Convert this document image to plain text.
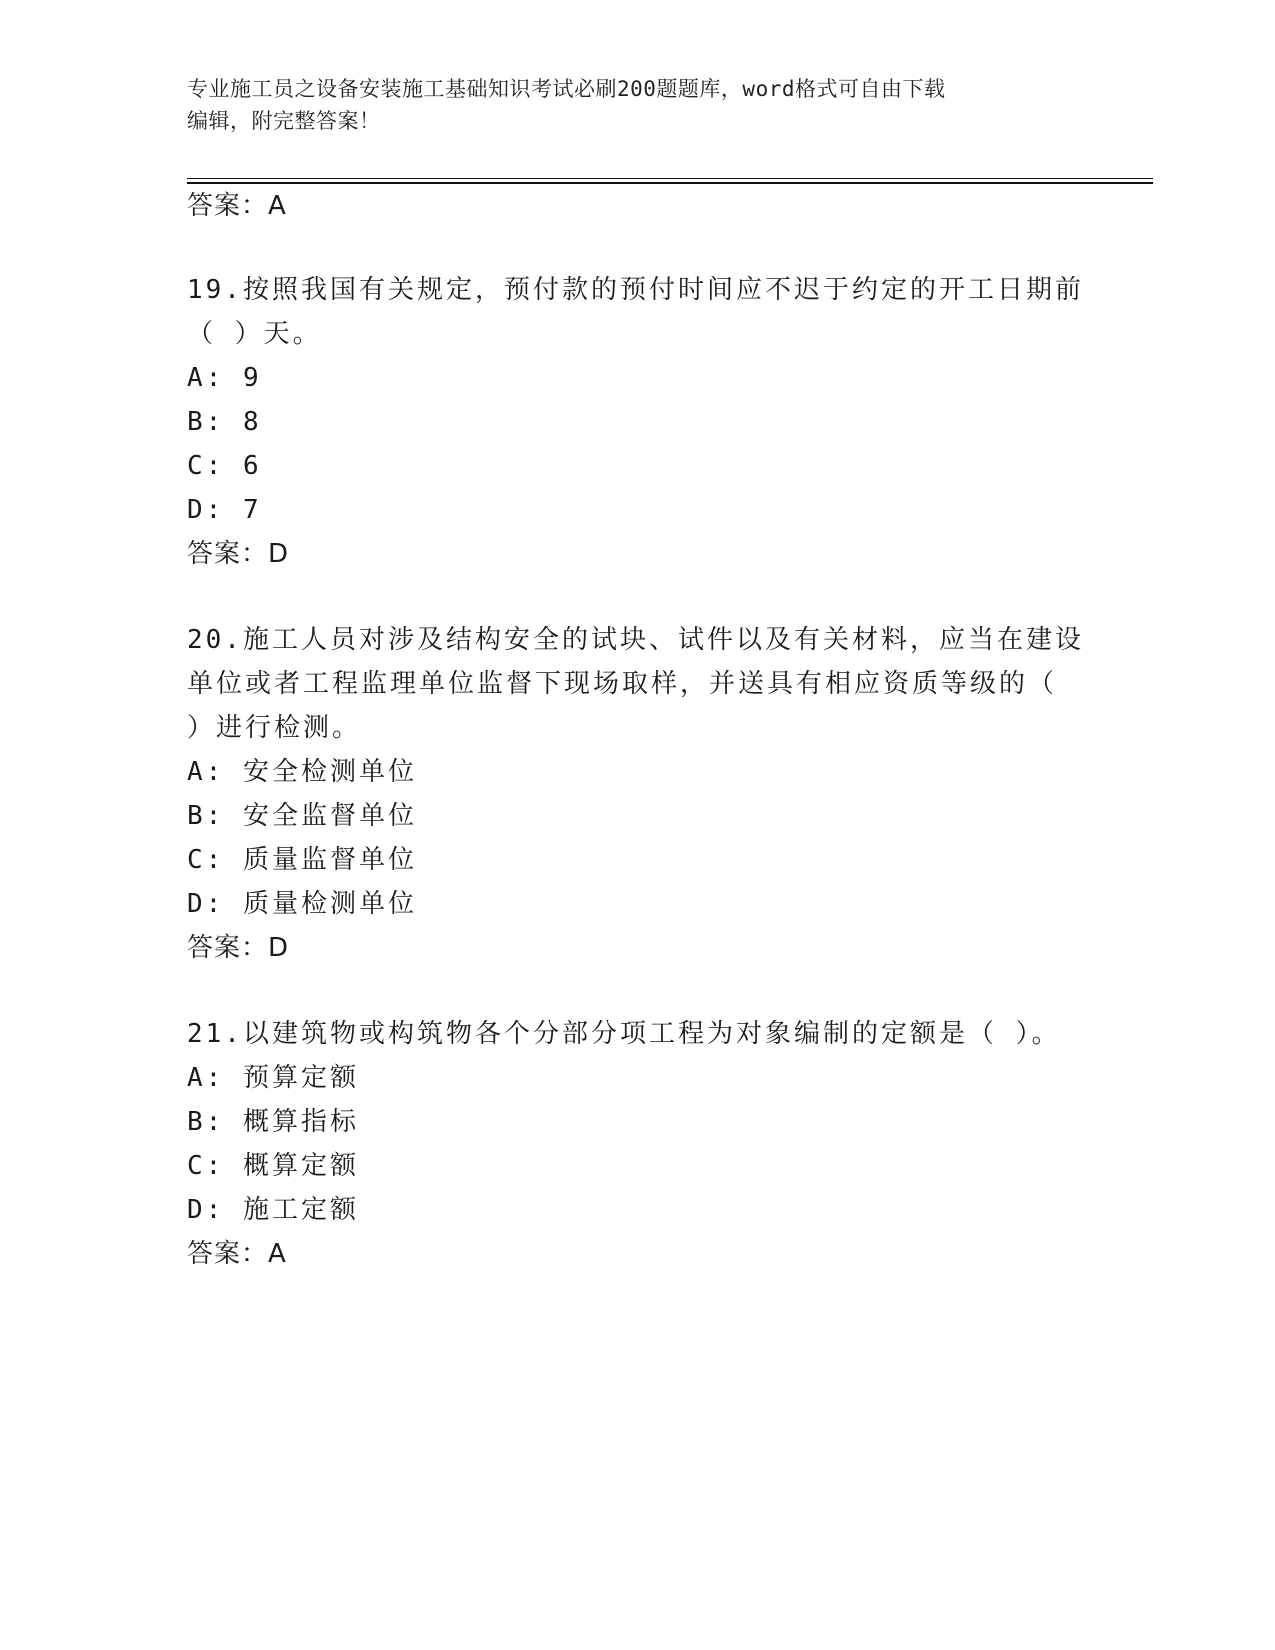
专业施工员之设备安装施工基础知识考试必刷200题题库，word格式可自由下载
编辑，附完整答案！
答案：A
19.按照我国有关规定，预付款的预付时间应不迟于约定的开工日期前
（ ）天。
A: 9
B: 8
C: 6
D: 7
答案：D
20.施工人员对涉及结构安全的试块、试件以及有关材料，应当在建设
单位或者工程监理单位监督下现场取样，并送具有相应资质等级的（
）进行检测。
A: 安全检测单位
B: 安全监督单位
C: 质量监督单位
D: 质量检测单位
答案：D
21.以建筑物或构筑物各个分部分项工程为对象编制的定额是（ ）。
A: 预算定额
B: 概算指标
C: 概算定额
D: 施工定额
答案：A
